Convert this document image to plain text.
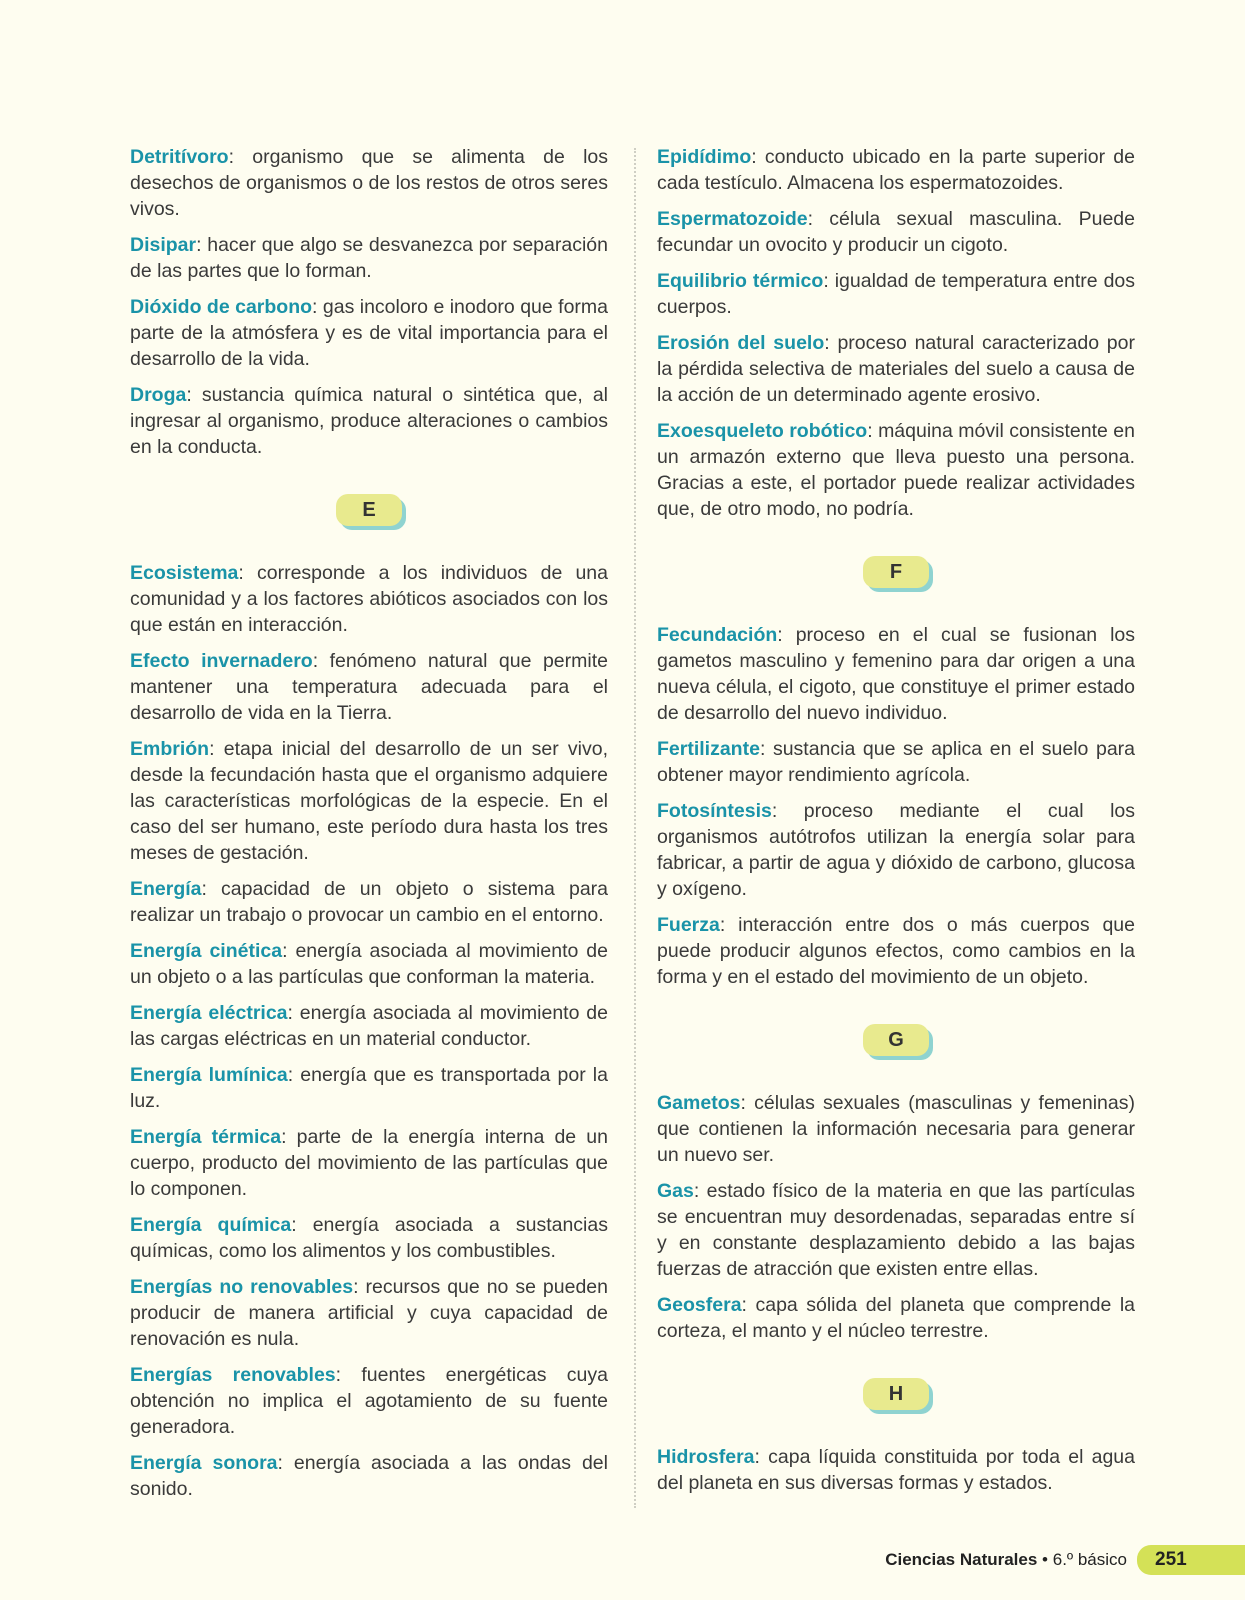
Detritívoro: organismo que se alimenta de los desechos de organismos o de los restos de otros seres vivos.

Disipar: hacer que algo se desvanezca por separación de las partes que lo forman.

Dióxido de carbono: gas incoloro e inodoro que forma parte de la atmósfera y es de vital importancia para el desarrollo de la vida.

Droga: sustancia química natural o sintética que, al ingresar al organismo, produce alteraciones o cambios en la conducta.

E

Ecosistema: corresponde a los individuos de una comunidad y a los factores abióticos asociados con los que están en interacción.

Efecto invernadero: fenómeno natural que permite mantener una temperatura adecuada para el desarrollo de vida en la Tierra.

Embrión: etapa inicial del desarrollo de un ser vivo, desde la fecundación hasta que el organismo adquiere las características morfológicas de la especie. En el caso del ser humano, este período dura hasta los tres meses de gestación.

Energía: capacidad de un objeto o sistema para realizar un trabajo o provocar un cambio en el entorno.

Energía cinética: energía asociada al movimiento de un objeto o a las partículas que conforman la materia.

Energía eléctrica: energía asociada al movimiento de las cargas eléctricas en un material conductor.

Energía lumínica: energía que es transportada por la luz.

Energía térmica: parte de la energía interna de un cuerpo, producto del movimiento de las partículas que lo componen.

Energía química: energía asociada a sustancias químicas, como los alimentos y los combustibles.

Energías no renovables: recursos que no se pueden producir de manera artificial y cuya capacidad de renovación es nula.

Energías renovables: fuentes energéticas cuya obtención no implica el agotamiento de su fuente generadora.

Energía sonora: energía asociada a las ondas del sonido.

Epidídimo: conducto ubicado en la parte superior de cada testículo. Almacena los espermatozoides.

Espermatozoide: célula sexual masculina. Puede fecundar un ovocito y producir un cigoto.

Equilibrio térmico: igualdad de temperatura entre dos cuerpos.

Erosión del suelo: proceso natural caracterizado por la pérdida selectiva de materiales del suelo a causa de la acción de un determinado agente erosivo.

Exoesqueleto robótico: máquina móvil consistente en un armazón externo que lleva puesto una persona. Gracias a este, el portador puede realizar actividades que, de otro modo, no podría.

F

Fecundación: proceso en el cual se fusionan los gametos masculino y femenino para dar origen a una nueva célula, el cigoto, que constituye el primer estado de desarrollo del nuevo individuo.

Fertilizante: sustancia que se aplica en el suelo para obtener mayor rendimiento agrícola.

Fotosíntesis: proceso mediante el cual los organismos autótrofos utilizan la energía solar para fabricar, a partir de agua y dióxido de carbono, glucosa y oxígeno.

Fuerza: interacción entre dos o más cuerpos que puede producir algunos efectos, como cambios en la forma y en el estado del movimiento de un objeto.

G

Gametos: células sexuales (masculinas y femeninas) que contienen la información necesaria para generar un nuevo ser.

Gas: estado físico de la materia en que las partículas se encuentran muy desordenadas, separadas entre sí y en constante desplazamiento debido a las bajas fuerzas de atracción que existen entre ellas.

Geosfera: capa sólida del planeta que comprende la corteza, el manto y el núcleo terrestre.

H

Hidrosfera: capa líquida constituida por toda el agua del planeta en sus diversas formas y estados.

Ciencias Naturales • 6.º básico	251
